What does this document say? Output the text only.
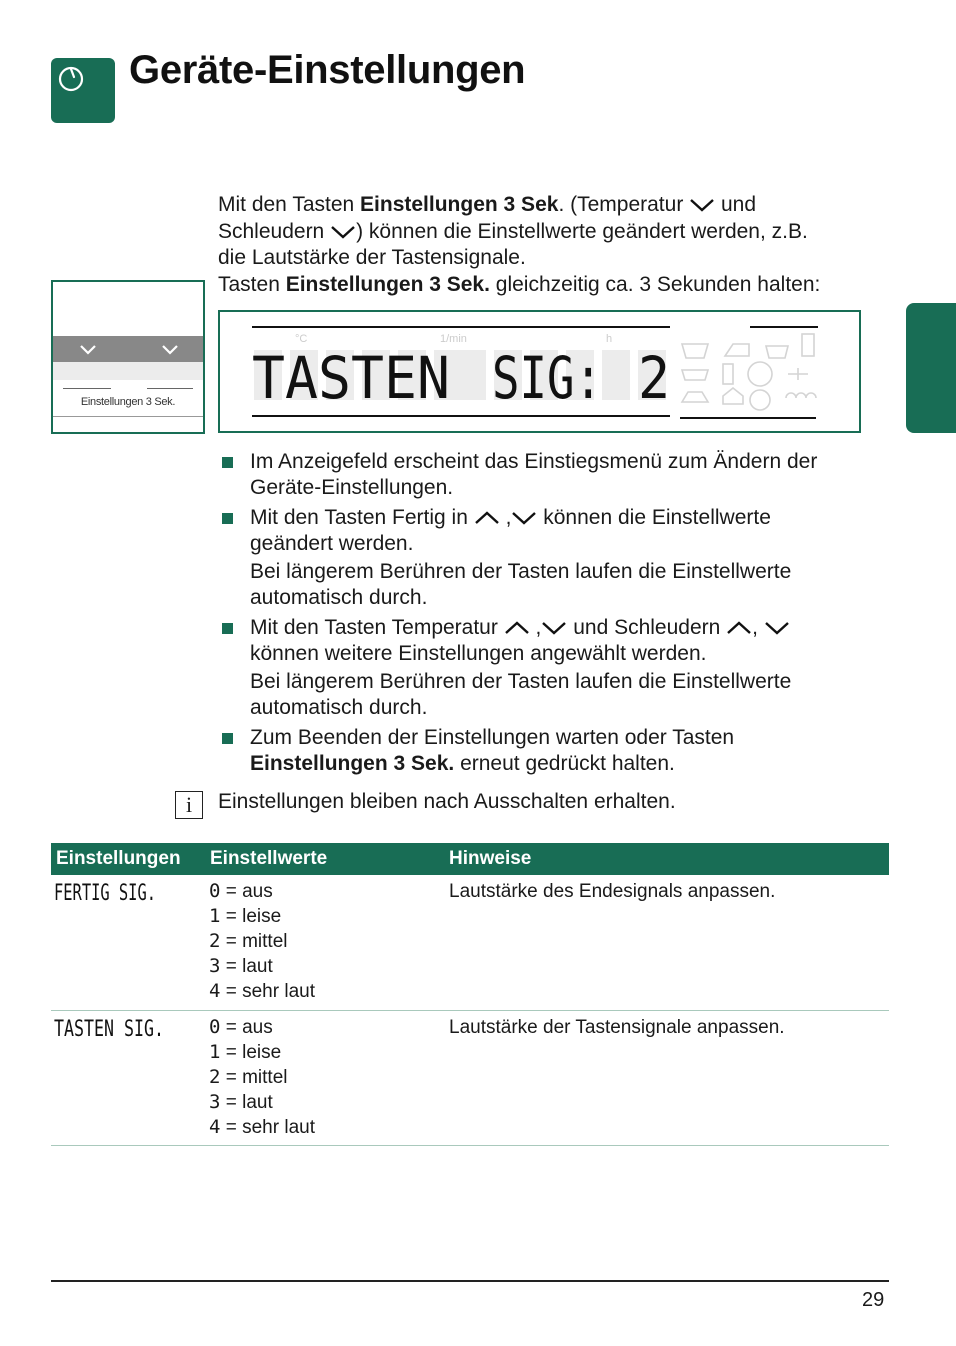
Geräte-Einstellungen

Mit den Tasten Einstellungen 3 Sek. (Temperatur  und

Schleudern ) können die Einstellwerte geändert werden, z.B.

die Lautstärke der Tastensignale.

Tasten Einstellungen 3 Sek. gleichzeitig ca. 3 Sekunden halten:

Einstellungen 3 Sek.
°C	1/min	h
TASTEN SIG: 2
Im Anzeigefeld erscheint das Einstiegsmenü zum Ändern der
Geräte-Einstellungen.
Mit den Tasten Fertig in  , können die Einstellwerte
geändert werden.
Bei längerem Berühren der Tasten laufen die Einstellwerte
automatisch durch.
Mit den Tasten Temperatur  , und Schleudern ,
können weitere Einstellungen angewählt werden.
Bei längerem Berühren der Tasten laufen die Einstellwerte
automatisch durch.
Zum Beenden der Einstellungen warten oder Tasten
Einstellungen 3 Sek. erneut gedrückt halten.
i	Einstellungen bleiben nach Ausschalten erhalten.
Einstellungen Einstellwerte	Hinweise
FERTIG SIG.	0 = aus
1 = leise
2 = mittel
3 = laut
4 = sehr laut
Lautstärke des Endesignals anpassen.
TASTEN SIG. 0 = aus
1 = leise
2 = mittel
3 = laut
4 = sehr laut
Lautstärke der Tastensignale anpassen.
29
